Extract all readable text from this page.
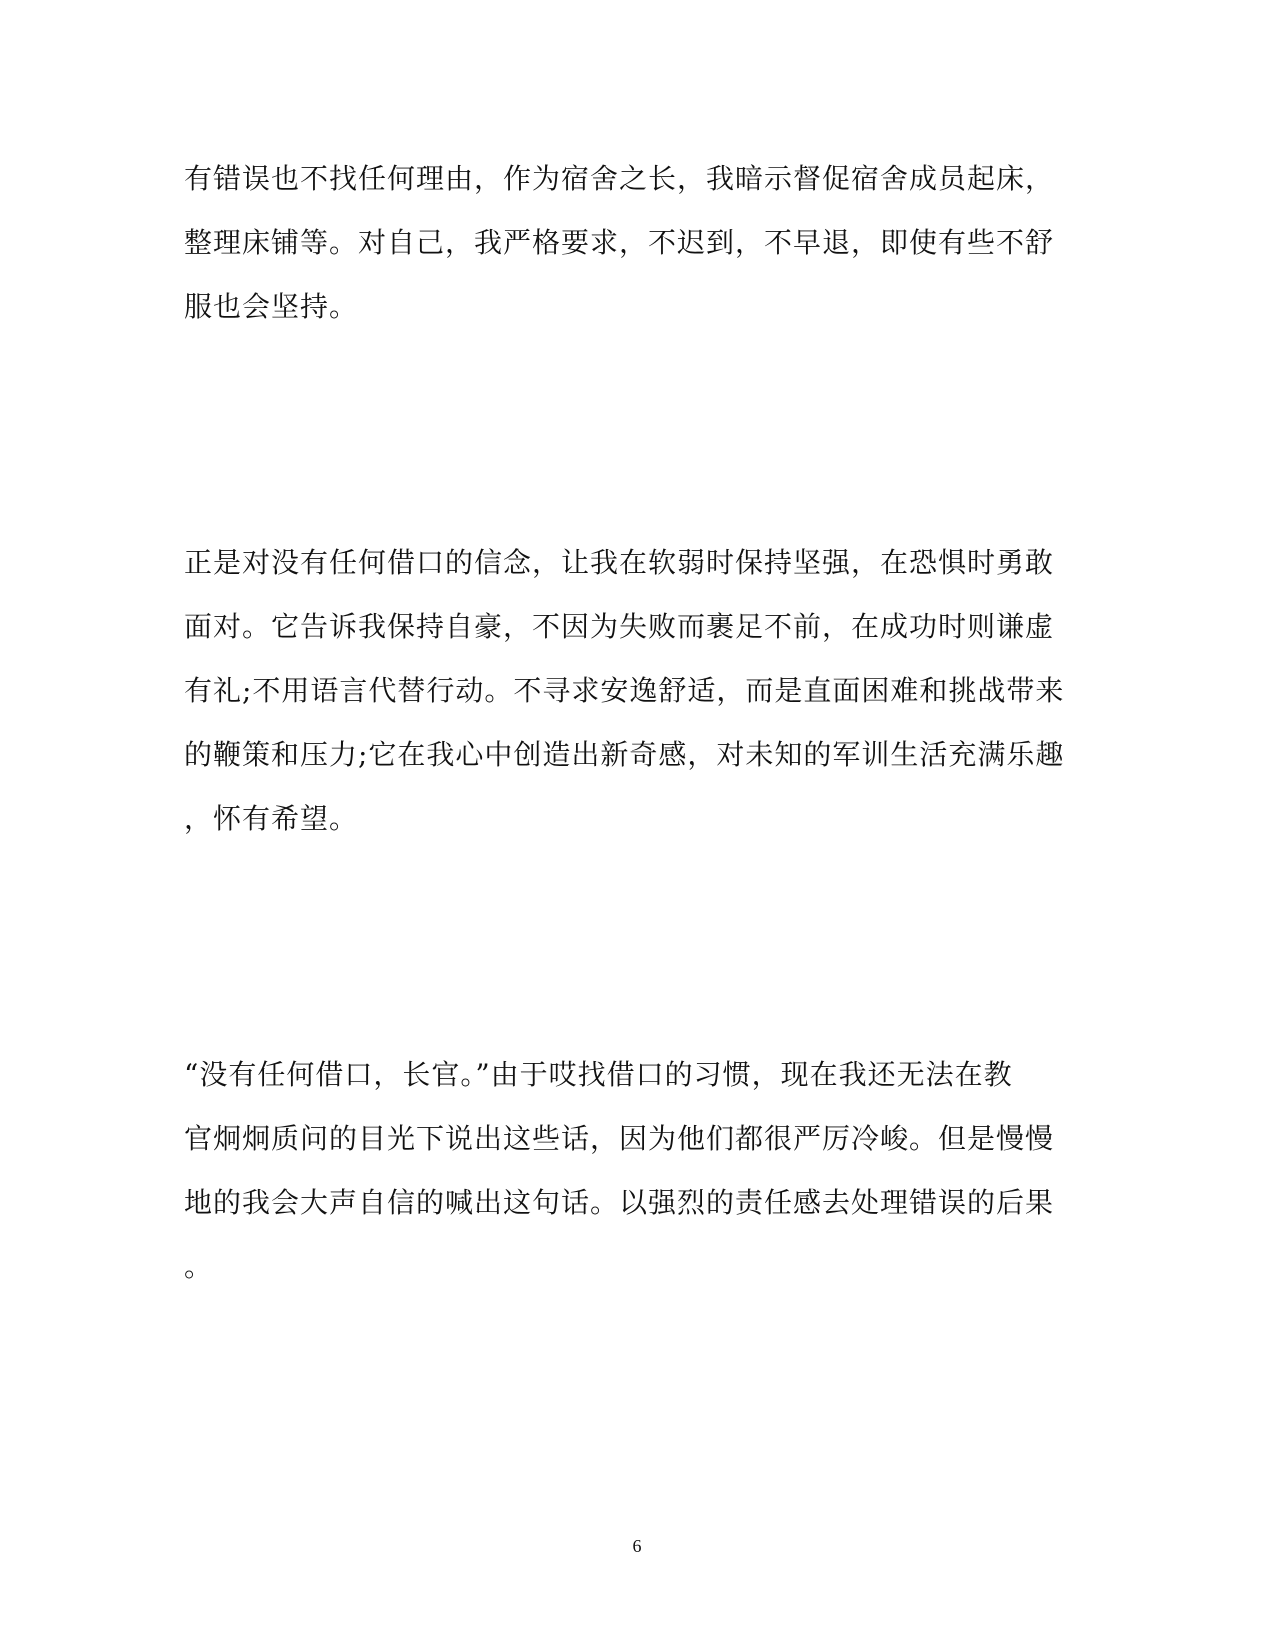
有错误也不找任何理由，作为宿舍之长，我暗示督促宿舍成员起床，
整理床铺等。对自己，我严格要求，不迟到，不早退，即使有些不舒
服也会坚持。
正是对没有任何借口的信念，让我在软弱时保持坚强，在恐惧时勇敢
面对。它告诉我保持自豪，不因为失败而裹足不前，在成功时则谦虚
有礼;不用语言代替行动。不寻求安逸舒适，而是直面困难和挑战带来
的鞭策和压力;它在我心中创造出新奇感，对未知的军训生活充满乐趣
，怀有希望。
“没有任何借口，长官。”由于哎找借口的习惯，现在我还无法在教
官炯炯质问的目光下说出这些话，因为他们都很严厉冷峻。但是慢慢
地的我会大声自信的喊出这句话。以强烈的责任感去处理错误的后果
。
6
